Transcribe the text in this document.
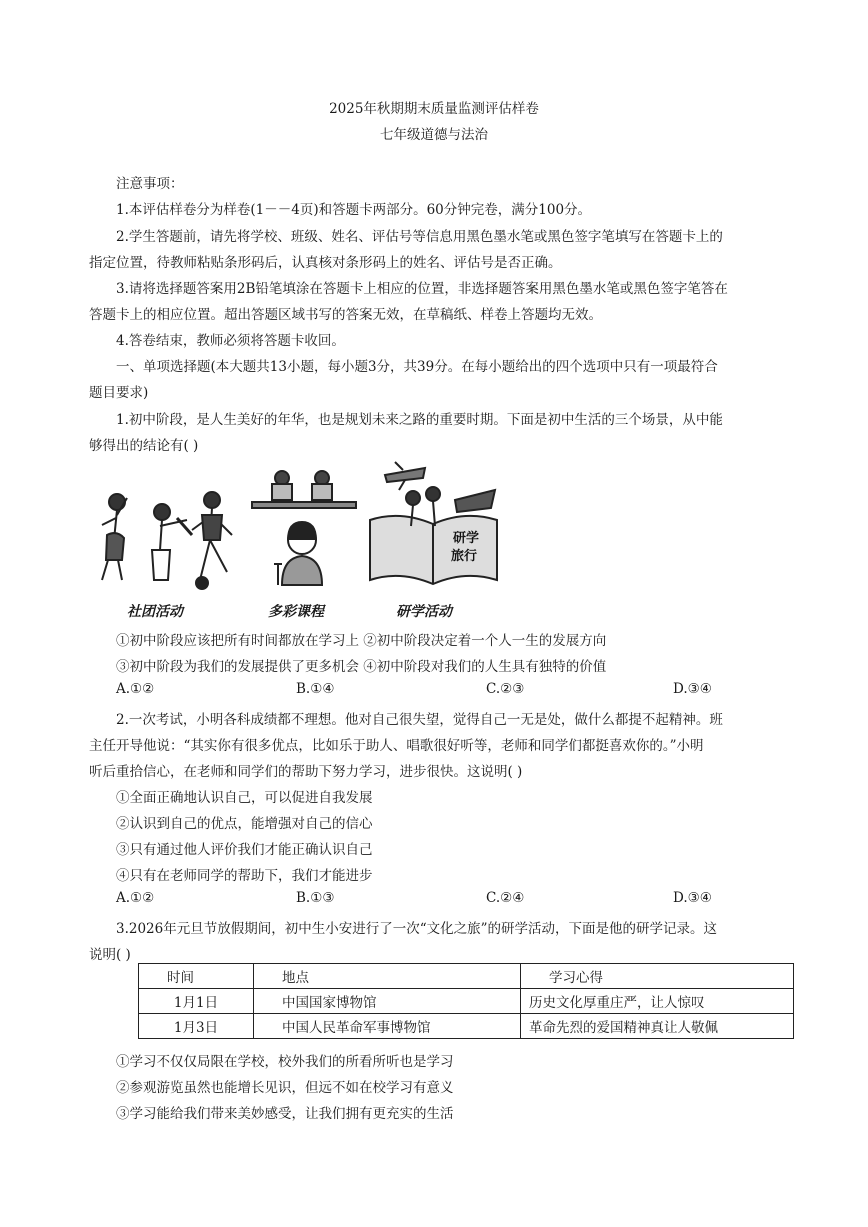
2025年秋期期末质量监测评估样卷
七年级道德与法治
注意事项：
1.本评估样卷分为样卷(1－－4页)和答题卡两部分。60分钟完卷，满分100分。
2.学生答题前，请先将学校、班级、姓名、评估号等信息用黑色墨水笔或黑色签字笔填写在答题卡上的
指定位置，待教师粘贴条形码后，认真核对条形码上的姓名、评估号是否正确。
3.请将选择题答案用2B铅笔填涂在答题卡上相应的位置，非选择题答案用黑色墨水笔或黑色签字笔答在
答题卡上的相应位置。超出答题区域书写的答案无效，在草稿纸、样卷上答题均无效。
4.答卷结束，教师必须将答题卡收回。
一、单项选择题(本大题共13小题，每小题3分，共39分。在每小题给出的四个选项中只有一项最符合
题目要求)
1.初中阶段，是人生美好的年华，也是规划未来之路的重要时期。下面是初中生活的三个场景，从中能
够得出的结论有( )
研学
旅行
社团活动	多彩课程	研学活动
①初中阶段应该把所有时间都放在学习上 ②初中阶段决定着一个人一生的发展方向
③初中阶段为我们的发展提供了更多机会 ④初中阶段对我们的人生具有独特的价值
A.①②	B.①④	C.②③	D.③④
2.一次考试，小明各科成绩都不理想。他对自己很失望，觉得自己一无是处，做什么都提不起精神。班
主任开导他说：“其实你有很多优点，比如乐于助人、唱歌很好听等，老师和同学们都挺喜欢你的。”小明
听后重拾信心，在老师和同学们的帮助下努力学习，进步很快。这说明( )
①全面正确地认识自己，可以促进自我发展
②认识到自己的优点，能增强对自己的信心
③只有通过他人评价我们才能正确认识自己
④只有在老师同学的帮助下，我们才能进步
A.①②	B.①③	C.②④	D.③④
3.2026年元旦节放假期间，初中生小安进行了一次“文化之旅”的研学活动，下面是他的研学记录。这
说明( )
时间	地点	学习心得
1月1日	中国国家博物馆	历史文化厚重庄严，让人惊叹
1月3日	中国人民革命军事博物馆	革命先烈的爱国精神真让人敬佩
①学习不仅仅局限在学校，校外我们的所看所听也是学习
②参观游览虽然也能增长见识，但远不如在校学习有意义
③学习能给我们带来美妙感受，让我们拥有更充实的生活
